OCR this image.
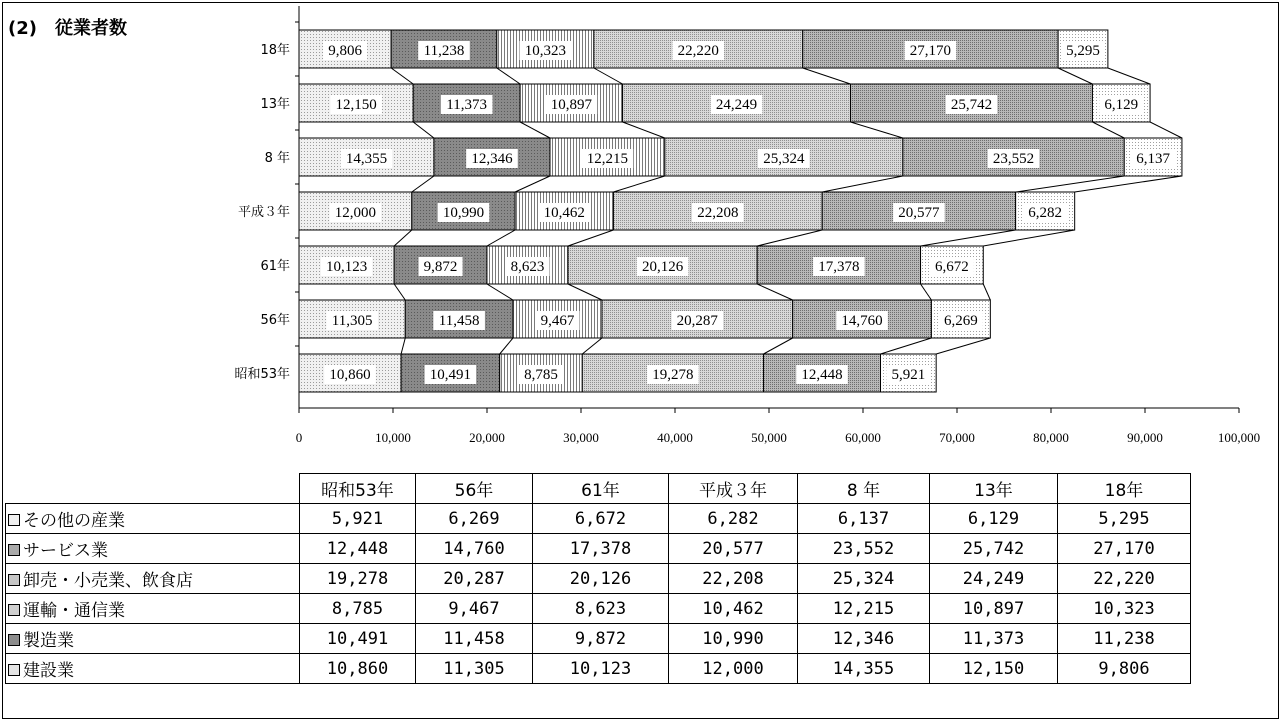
(2)　従業者数
9,806	11,238	10,323	22,220	27,170	5,295
12,150	11,373	10,897	24,249	25,742	6,129
14,355	12,346	12,215	25,324	23,552	6,137
12,000	10,990	10,462	22,208	20,577	6,282
10,123	9,872	8,623	20,126	17,378	6,672
11,305	11,458	9,467	20,287	14,760	6,269
10,860	10,491	8,785	19,278	12,448	5,921
0	10,000	20,000	30,000	40,000	50,000	60,000	70,000	80,000	90,000	100,000
18年
13年
8 年
平成３年
61年
56年
昭和53年
	昭和53年	56年	61年	平成３年	8 年	13年	18年
その他の産業	5,921	6,269	6,672	6,282	6,137	6,129	5,295
サービス業	12,448	14,760	17,378	20,577	23,552	25,742	27,170
卸売・小売業、飲食店	19,278	20,287	20,126	22,208	25,324	24,249	22,220
運輸・通信業	8,785	9,467	8,623	10,462	12,215	10,897	10,323
製造業	10,491	11,458	9,872	10,990	12,346	11,373	11,238
建設業	10,860	11,305	10,123	12,000	14,355	12,150	9,806
